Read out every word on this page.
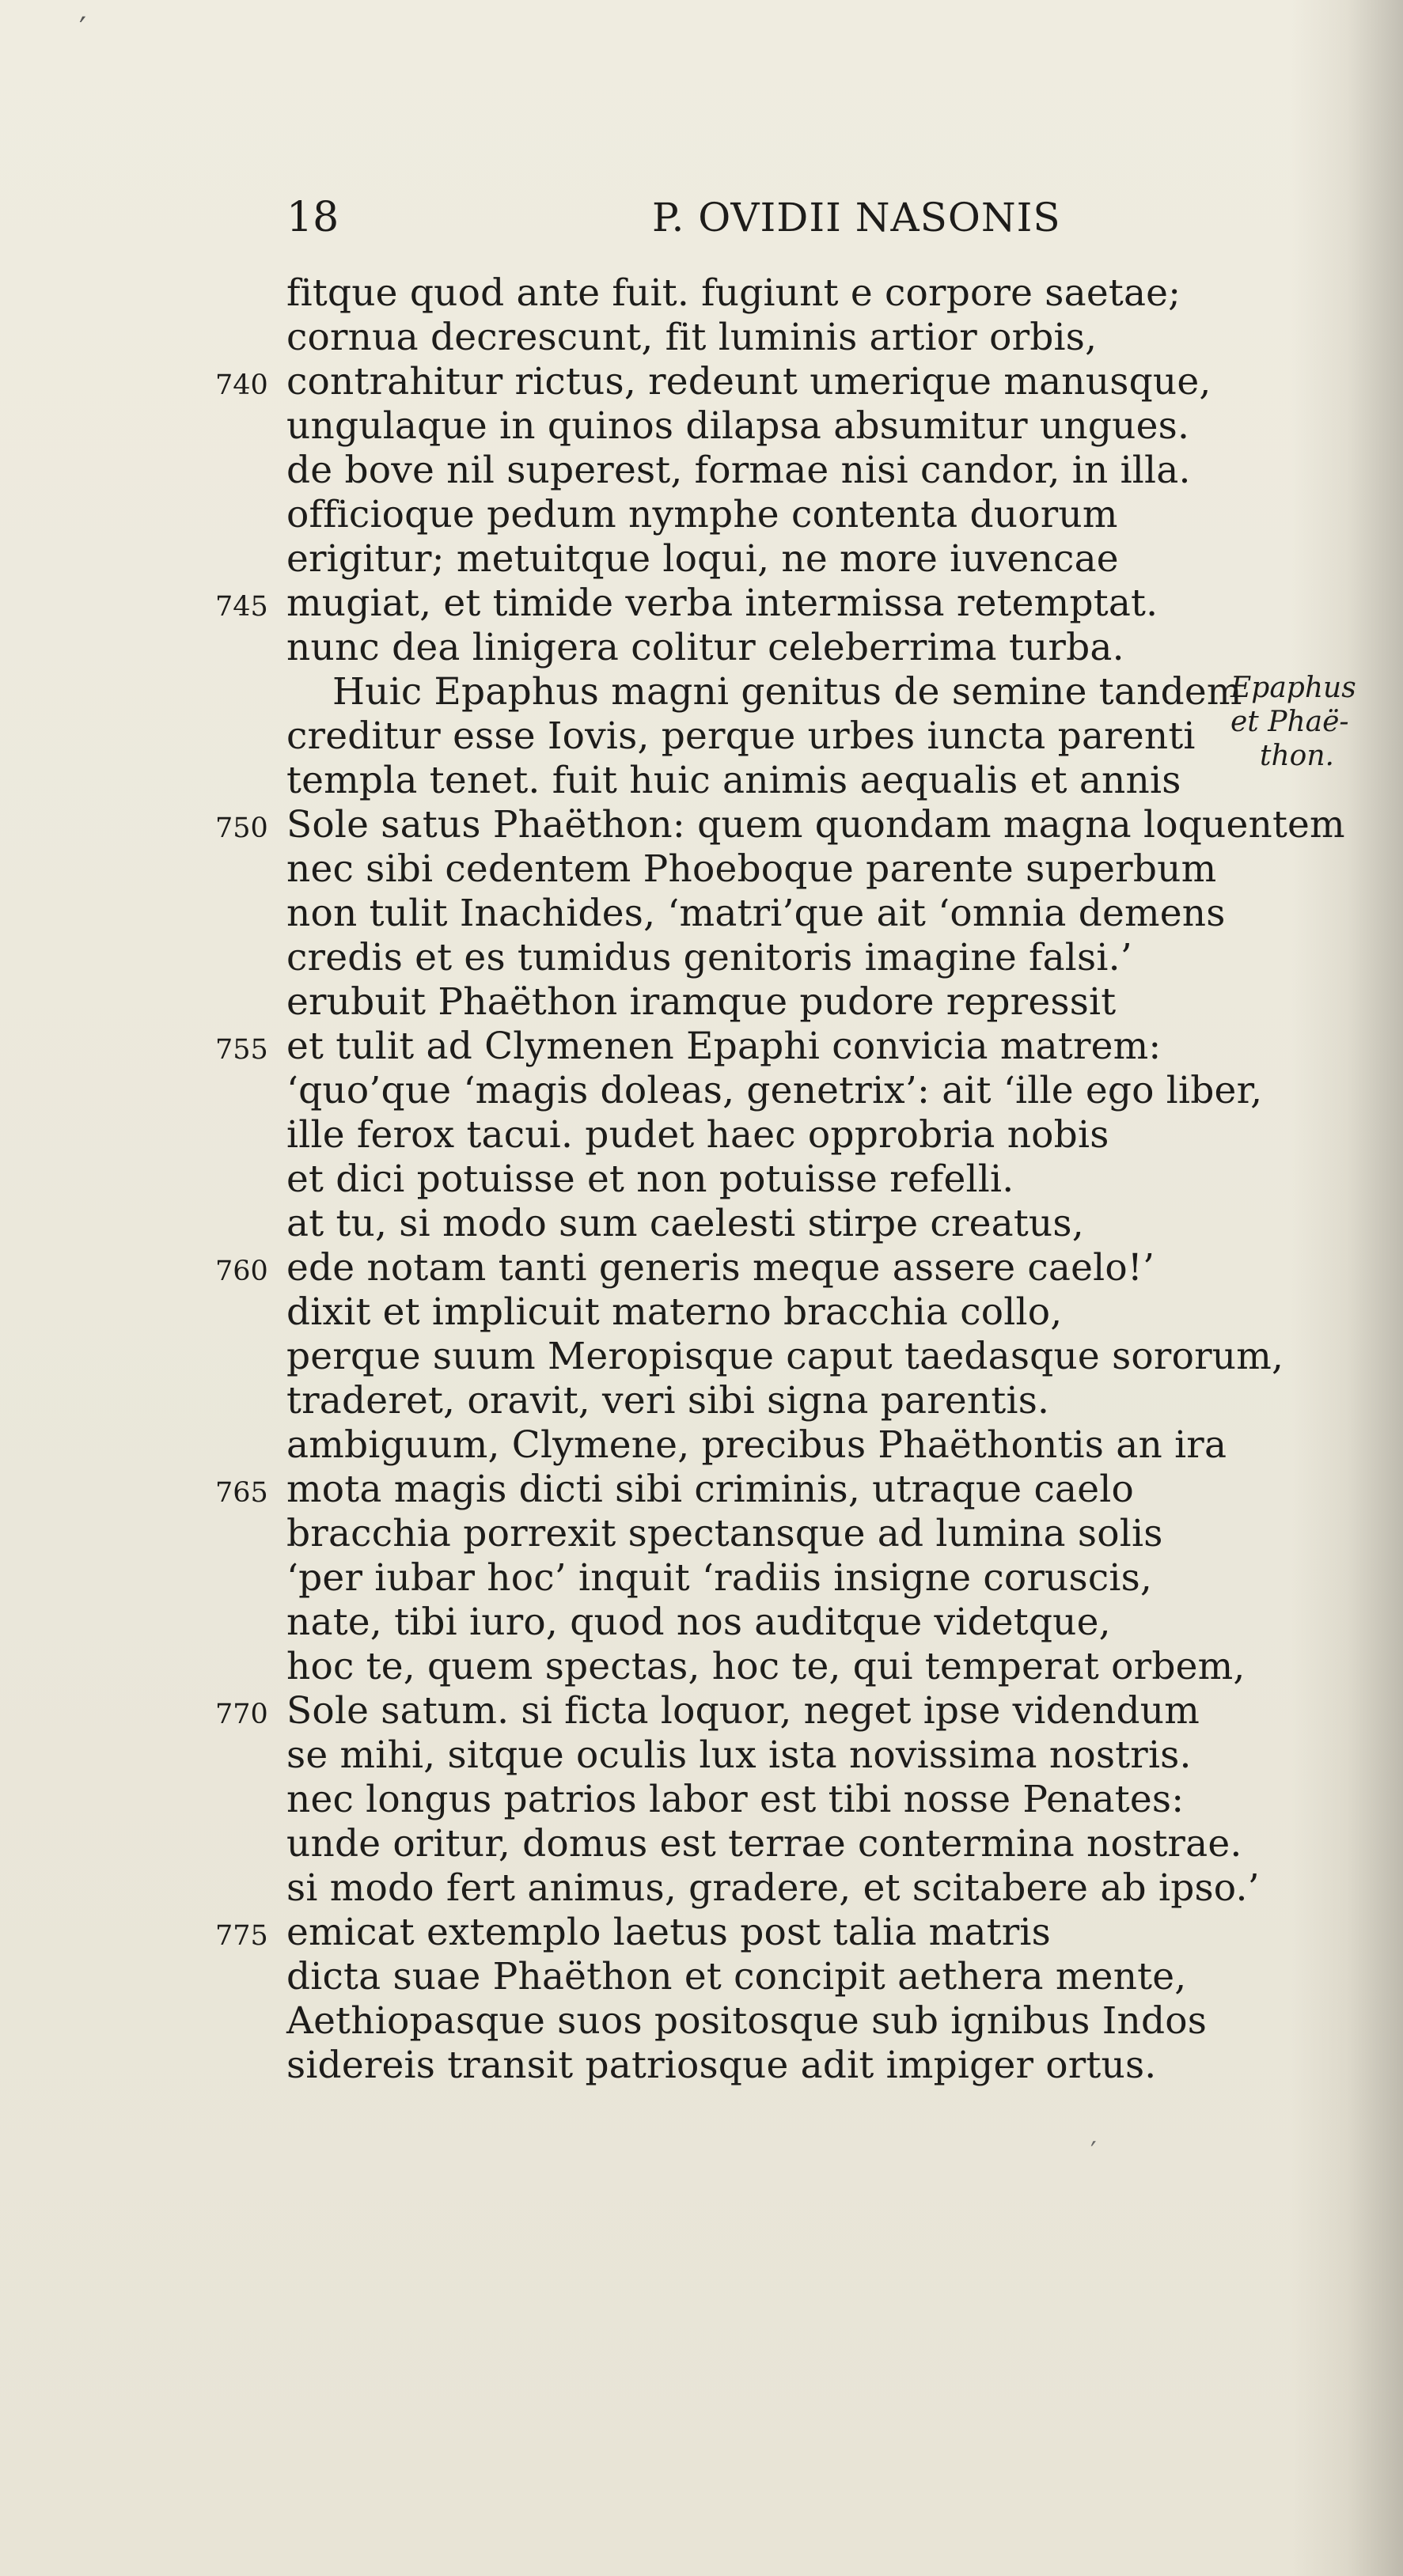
′
18	P. OVIDII NASONIS
fitque quod ante fuit. fugiunt e corpore saetae;
cornua decrescunt, fit luminis artior orbis,
contrahitur rictus, redeunt umerique manusque,
ungulaque in quinos dilapsa absumitur ungues.
de bove nil superest, formae nisi candor, in illa.
officioque pedum nymphe contenta duorum
erigitur; metuitque loqui, ne more iuvencae
mugiat, et timide verba intermissa retemptat.
nunc dea linigera colitur celeberrima turba.
Huic Epaphus magni genitus de semine tandem
creditur esse Iovis, perque urbes iuncta parenti
templa tenet. fuit huic animis aequalis et annis
Sole satus Phaëthon: quem quondam magna loquentem
nec sibi cedentem Phoeboque parente superbum
non tulit Inachides, ‘matri’que ait ‘omnia demens
credis et es tumidus genitoris imagine falsi.’
erubuit Phaëthon iramque pudore repressit
et tulit ad Clymenen Epaphi convicia matrem:
‘quo’que ‘magis doleas, genetrix’: ait ‘ille ego liber,
ille ferox tacui. pudet haec opprobria nobis
et dici potuisse et non potuisse refelli.
at tu, si modo sum caelesti stirpe creatus,
ede notam tanti generis meque assere caelo!’
dixit et implicuit materno bracchia collo,
perque suum Meropisque caput taedasque sororum,
traderet, oravit, veri sibi signa parentis.
ambiguum, Clymene, precibus Phaëthontis an ira
mota magis dicti sibi criminis, utraque caelo
bracchia porrexit spectansque ad lumina solis
‘per iubar hoc’ inquit ‘radiis insigne coruscis,
nate, tibi iuro, quod nos auditque videtque,
hoc te, quem spectas, hoc te, qui temperat orbem,
Sole satum. si ficta loquor, neget ipse videndum
se mihi, sitque oculis lux ista novissima nostris.
nec longus patrios labor est tibi nosse Penates:
unde oritur, domus est terrae contermina nostrae.
si modo fert animus, gradere, et scitabere ab ipso.’
emicat extemplo laetus post talia matris
dicta suae Phaëthon et concipit aethera mente,
Aethiopasque suos positosque sub ignibus Indos
sidereis transit patriosque adit impiger ortus.
740
745
750
755
760
765
770
775
Epaphus
et Phaë-
thon.
′
